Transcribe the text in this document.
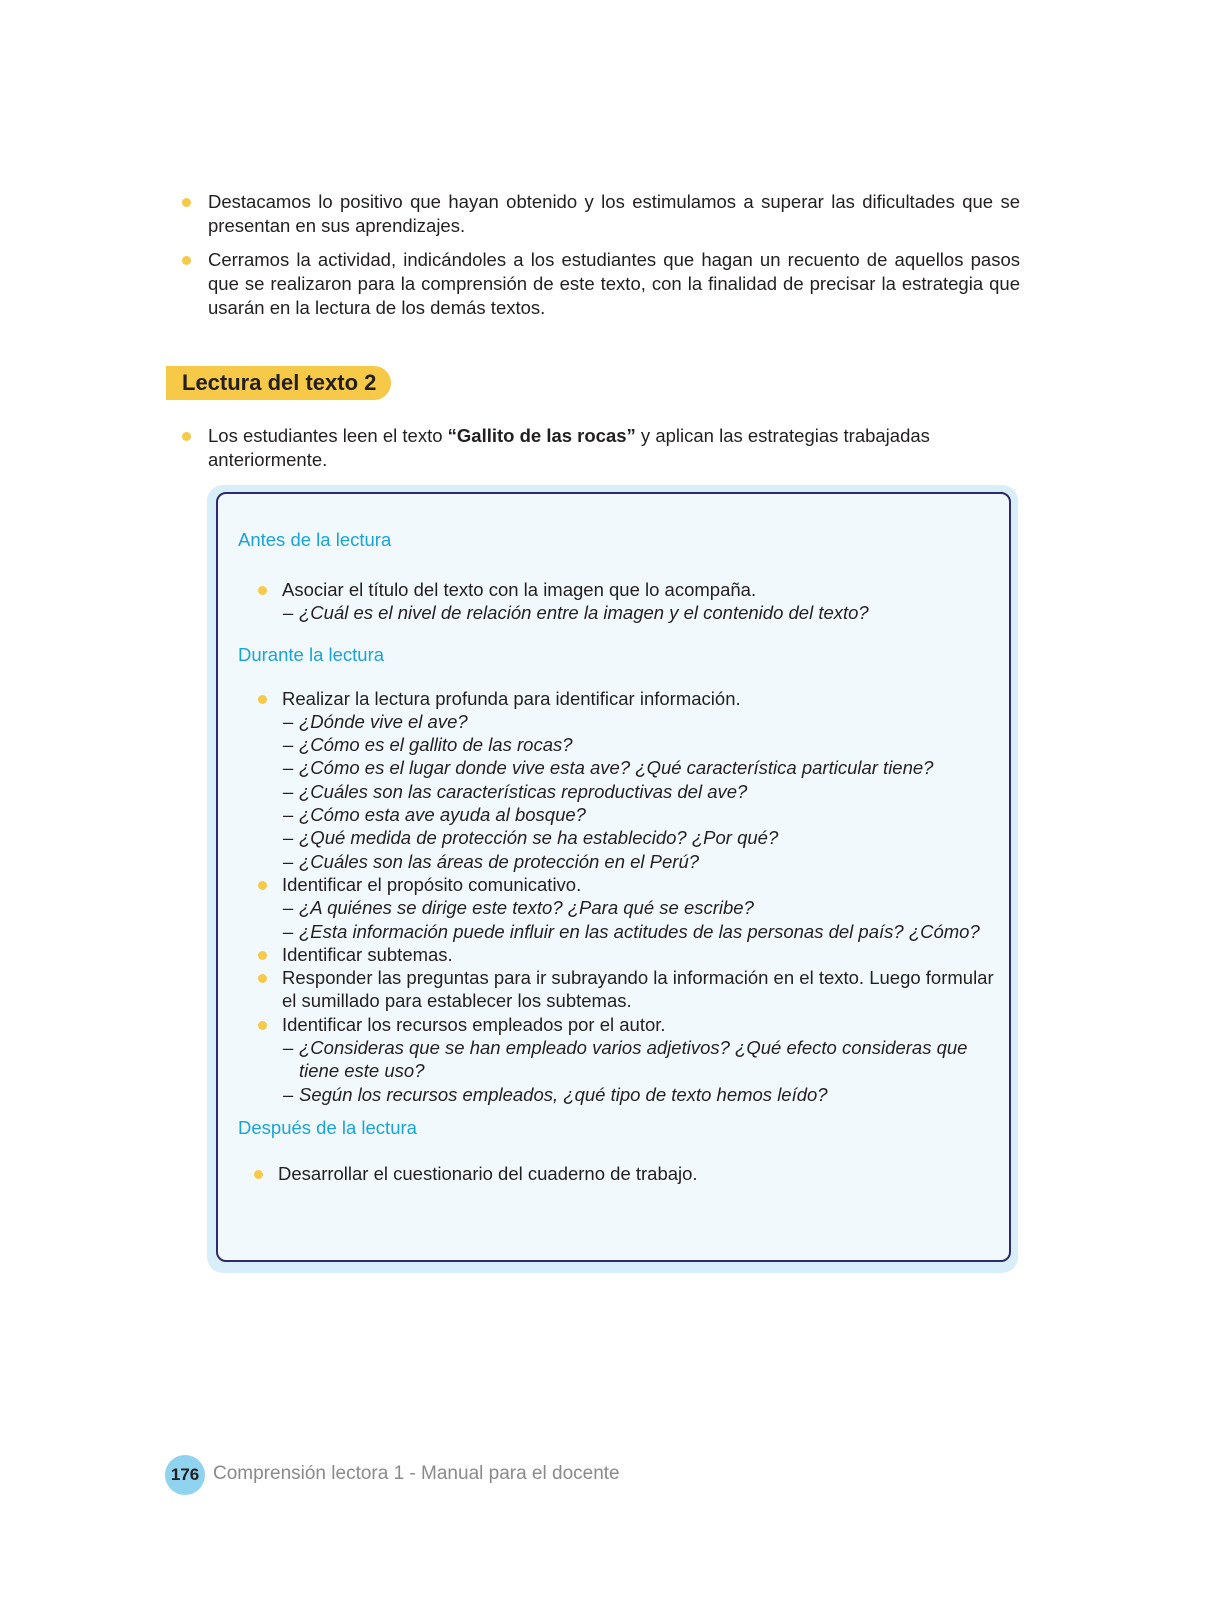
Destacamos lo positivo que hayan obtenido y los estimulamos a superar las dificultades que se presentan en sus aprendizajes.
Cerramos la actividad, indicándoles a los estudiantes que hagan un recuento de aquellos pasos que se realizaron para la comprensión de este texto, con la finalidad de precisar la estrategia que usarán en la lectura de los demás textos.
Lectura del texto 2
Los estudiantes leen el texto “Gallito de las rocas” y aplican las estrategias trabajadas anteriormente.
Antes de la lectura
Asociar el título del texto con la imagen que lo acompaña.
– ¿Cuál es el nivel de relación entre la imagen y el contenido del texto?
Durante la lectura
Realizar la lectura profunda para identificar información.
– ¿Dónde vive el ave?
– ¿Cómo es el gallito de las rocas?
– ¿Cómo es el lugar donde vive esta ave? ¿Qué característica particular tiene?
– ¿Cuáles son las características reproductivas del ave?
– ¿Cómo esta ave ayuda al bosque?
– ¿Qué medida de protección se ha establecido? ¿Por qué?
– ¿Cuáles son las áreas de protección en el Perú?
Identificar el propósito comunicativo.
– ¿A quiénes se dirige este texto? ¿Para qué se escribe?
– ¿Esta información puede influir en las actitudes de las personas del país? ¿Cómo?
Identificar subtemas.
Responder las preguntas para ir subrayando la información en el texto. Luego formular el sumillado para establecer los subtemas.
Identificar los recursos empleados por el autor.
– ¿Consideras que se han empleado varios adjetivos? ¿Qué efecto consideras que tiene este uso?
– Según los recursos empleados, ¿qué tipo de texto hemos leído?
Después de la lectura
Desarrollar el cuestionario del cuaderno de trabajo.
176 Comprensión lectora 1 - Manual para el docente
